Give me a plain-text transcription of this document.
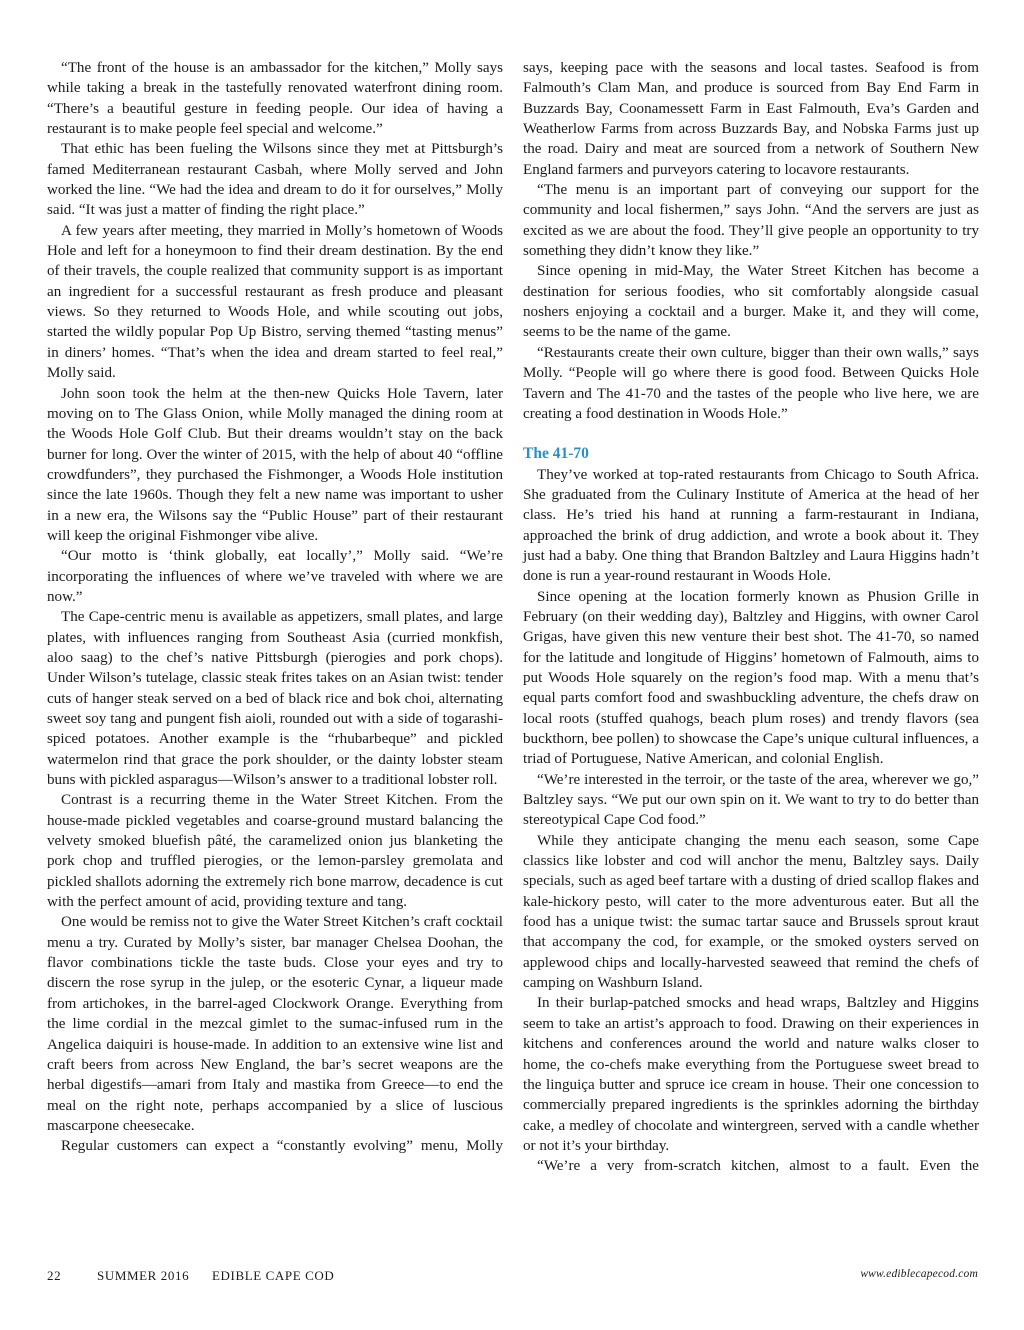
“The front of the house is an ambassador for the kitchen,” Molly says while taking a break in the tastefully renovated waterfront dining room. “There’s a beautiful gesture in feeding people. Our idea of having a restaurant is to make people feel special and welcome.”

That ethic has been fueling the Wilsons since they met at Pittsburgh’s famed Mediterranean restaurant Casbah, where Molly served and John worked the line. “We had the idea and dream to do it for ourselves,” Molly said. “It was just a matter of finding the right place.”

A few years after meeting, they married in Molly’s hometown of Woods Hole and left for a honeymoon to find their dream destination. By the end of their travels, the couple realized that community support is as important an ingredient for a successful restaurant as fresh produce and pleasant views. So they returned to Woods Hole, and while scouting out jobs, started the wildly popular Pop Up Bistro, serving themed “tasting menus” in diners’ homes. “That’s when the idea and dream started to feel real,” Molly said.

John soon took the helm at the then-new Quicks Hole Tavern, later moving on to The Glass Onion, while Molly managed the dining room at the Woods Hole Golf Club. But their dreams wouldn’t stay on the back burner for long. Over the winter of 2015, with the help of about 40 “offline crowdfunders”, they purchased the Fishmonger, a Woods Hole institution since the late 1960s. Though they felt a new name was important to usher in a new era, the Wilsons say the “Public House” part of their restaurant will keep the original Fishmonger vibe alive.

“Our motto is ‘think globally, eat locally’,” Molly said. “We’re incorporating the influences of where we’ve traveled with where we are now.”

The Cape-centric menu is available as appetizers, small plates, and large plates, with influences ranging from Southeast Asia (curried monkfish, aloo saag) to the chef’s native Pittsburgh (pierogies and pork chops). Under Wilson’s tutelage, classic steak frites takes on an Asian twist: tender cuts of hanger steak served on a bed of black rice and bok choi, alternating sweet soy tang and pungent fish aioli, rounded out with a side of togarashi-spiced potatoes. Another example is the “rhubarbeque” and pickled watermelon rind that grace the pork shoulder, or the dainty lobster steam buns with pickled asparagus—Wilson’s answer to a traditional lobster roll.

Contrast is a recurring theme in the Water Street Kitchen. From the house-made pickled vegetables and coarse-ground mustard balancing the velvety smoked bluefish pâté, the caramelized onion jus blanketing the pork chop and truffled pierogies, or the lemon-parsley gremolata and pickled shallots adorning the extremely rich bone marrow, decadence is cut with the perfect amount of acid, providing texture and tang.

One would be remiss not to give the Water Street Kitchen’s craft cocktail menu a try. Curated by Molly’s sister, bar manager Chelsea Doohan, the flavor combinations tickle the taste buds. Close your eyes and try to discern the rose syrup in the julep, or the esoteric Cynar, a liqueur made from artichokes, in the barrel-aged Clockwork Orange. Everything from the lime cordial in the mezcal gimlet to the sumac-infused rum in the Angelica daiquiri is house-made. In addition to an extensive wine list and craft beers from across New England, the bar’s secret weapons are the herbal digestifs—amari from Italy and mastika from Greece—to end the meal on the right note, perhaps accompanied by a slice of luscious mascarpone cheesecake.

Regular customers can expect a “constantly evolving” menu, Molly

says, keeping pace with the seasons and local tastes. Seafood is from Falmouth’s Clam Man, and produce is sourced from Bay End Farm in Buzzards Bay, Coonamessett Farm in East Falmouth, Eva’s Garden and Weatherlow Farms from across Buzzards Bay, and Nobska Farms just up the road. Dairy and meat are sourced from a network of Southern New England farmers and purveyors catering to locavore restaurants.

“The menu is an important part of conveying our support for the community and local fishermen,” says John. “And the servers are just as excited as we are about the food. They’ll give people an opportunity to try something they didn’t know they like.”

Since opening in mid-May, the Water Street Kitchen has become a destination for serious foodies, who sit comfortably alongside casual noshers enjoying a cocktail and a burger. Make it, and they will come, seems to be the name of the game.

“Restaurants create their own culture, bigger than their own walls,” says Molly. “People will go where there is good food. Between Quicks Hole Tavern and The 41-70 and the tastes of the people who live here, we are creating a food destination in Woods Hole.”

The 41-70

They’ve worked at top-rated restaurants from Chicago to South Africa. She graduated from the Culinary Institute of America at the head of her class. He’s tried his hand at running a farm-restaurant in Indiana, approached the brink of drug addiction, and wrote a book about it. They just had a baby. One thing that Brandon Baltzley and Laura Higgins hadn’t done is run a year-round restaurant in Woods Hole.

Since opening at the location formerly known as Phusion Grille in February (on their wedding day), Baltzley and Higgins, with owner Carol Grigas, have given this new venture their best shot. The 41-70, so named for the latitude and longitude of Higgins’ hometown of Falmouth, aims to put Woods Hole squarely on the region’s food map. With a menu that’s equal parts comfort food and swashbuckling adventure, the chefs draw on local roots (stuffed quahogs, beach plum roses) and trendy flavors (sea buckthorn, bee pollen) to showcase the Cape’s unique cultural influences, a triad of Portuguese, Native American, and colonial English.

“We’re interested in the terroir, or the taste of the area, wherever we go,” Baltzley says. “We put our own spin on it. We want to try to do better than stereotypical Cape Cod food.”

While they anticipate changing the menu each season, some Cape classics like lobster and cod will anchor the menu, Baltzley says. Daily specials, such as aged beef tartare with a dusting of dried scallop flakes and kale-hickory pesto, will cater to the more adventurous eater. But all the food has a unique twist: the sumac tartar sauce and Brussels sprout kraut that accompany the cod, for example, or the smoked oysters served on applewood chips and locally-harvested seaweed that remind the chefs of camping on Washburn Island.

In their burlap-patched smocks and head wraps, Baltzley and Higgins seem to take an artist’s approach to food. Drawing on their experiences in kitchens and conferences around the world and nature walks closer to home, the co-chefs make everything from the Portuguese sweet bread to the linguiça butter and spruce ice cream in house. Their one concession to commercially prepared ingredients is the sprinkles adorning the birthday cake, a medley of chocolate and wintergreen, served with a candle whether or not it’s your birthday.

“We’re a very from-scratch kitchen, almost to a fault. Even the

22	SUMMER 2016 EDIBLE CAPE COD	www.ediblecapecod.com
